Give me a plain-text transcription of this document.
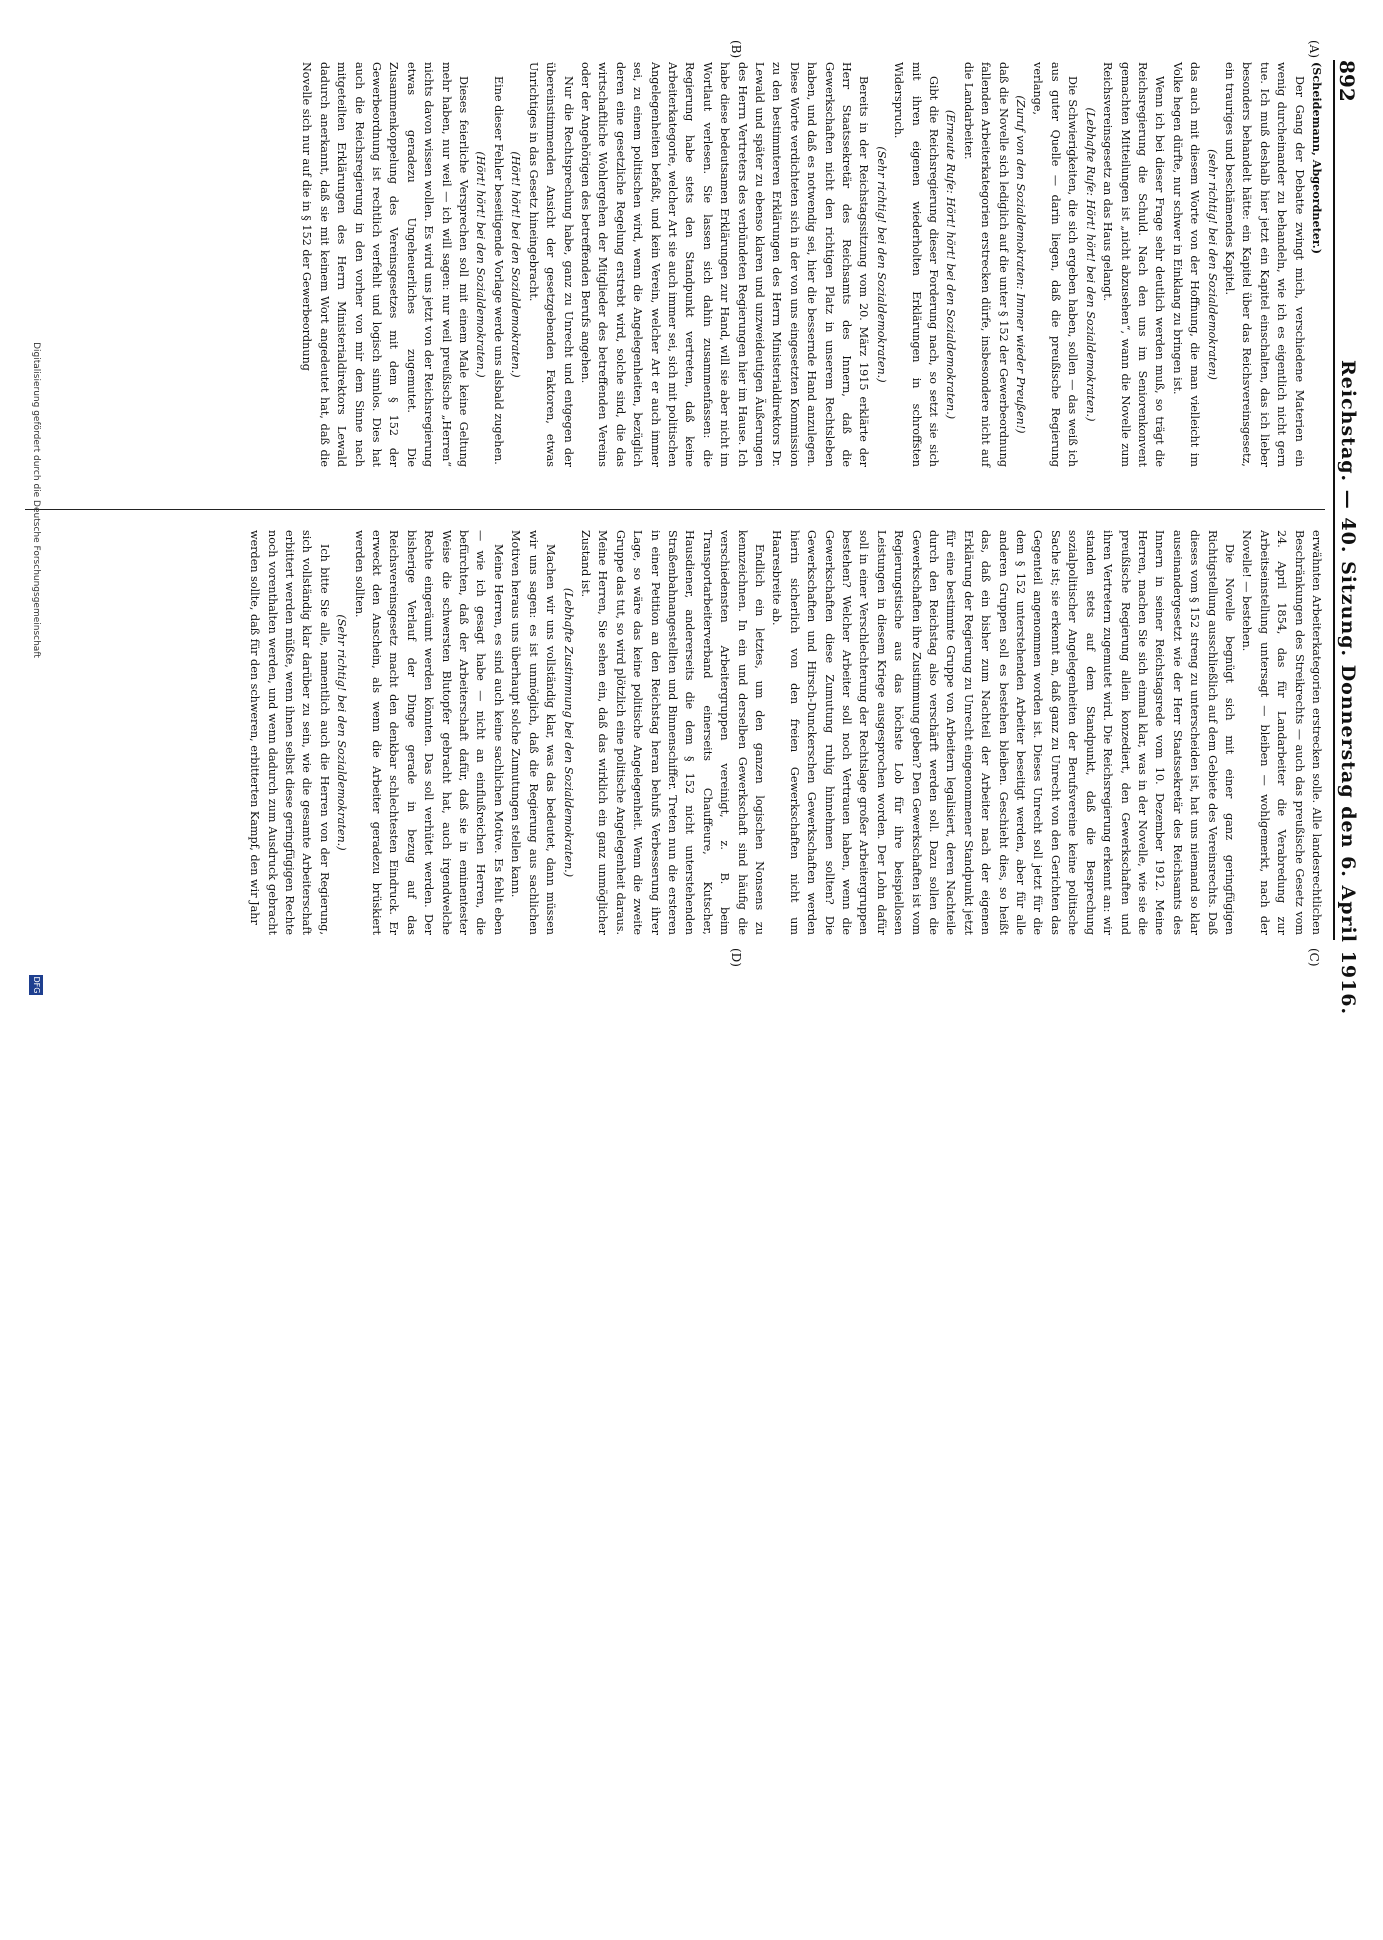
892
Reichstag. — 40. Sitzung. Donnerstag den 6. April 1916.
(A)
(B)
(C)
(D)

(Scheidemann, Abgeordneter.)

Der Gang der Debatte zwingt mich, verschiedene Materien ein wenig durcheinander zu behandeln, wie ich es eigentlich nicht gern tue. Ich muß deshalb hier jetzt ein Kapitel einschalten, das ich lieber besonders behandelt hätte: ein Kapitel über das Reichsvereinsgesetz, ein trauriges und beschämendes Kapitel.

(sehr richtig! bei den Sozialdemokraten)

das auch mit diesem Worte von der Hoffnung, die man vielleicht im Volke hegen dürfte, nur schwer in Einklang zu bringen ist.

Wenn ich bei dieser Frage sehr deutlich werden muß, so trägt die Reichsregierung die Schuld. Nach den uns im Seniorenkonvent gemachten Mitteilungen ist „nicht abzusehen“, wann die Novelle zum Reichsvereinsgesetz an das Haus gelangt.

(Lebhafte Rufe: Hört! hört! bei den Sozialdemokraten.)

Die Schwierigkeiten, die sich ergeben haben, sollen — das weiß ich aus guter Quelle — darin liegen, daß die preußische Regierung verlange,

(Zuruf von den Sozialdemokraten: Immer wieder Preußen!)

daß die Novelle sich lediglich auf die unter § 152 der Gewerbeordnung fallenden Arbeiterkategorien erstrecken dürfe, insbesondere nicht auf die Landarbeiter.

(Erneute Rufe: Hört! hört! bei den Sozialdemokraten.)

Gibt die Reichsregierung dieser Forderung nach, so setzt sie sich mit ihren eigenen wiederholten Erklärungen in schroffsten Widerspruch.

(Sehr richtig! bei den Sozialdemokraten.)

Bereits in der Reichstagssitzung vom 20. März 1915 erklärte der Herr Staatssekretär des Reichsamts des Innern, daß die Gewerkschaften nicht den richtigen Platz in unserem Rechtsleben haben, und daß es notwendig sei, hier die bessernde Hand anzulegen. Diese Worte verdichteten sich in der von uns eingesetzten Kommission zu den bestimmteren Erklärungen des Herrn Ministerialdirektors Dr. Lewald und später zu ebenso klaren und unzweideutigen Äußerungen des Herrn Vertreters des verbündeten Regierungen hier im Hause. Ich habe diese bedeutsamen Erklärungen zur Hand, will sie aber nicht im Wortlaut verlesen. Sie lassen sich dahin zusammenfassen: die Regierung habe stets den Standpunkt vertreten, daß keine Arbeiterkategorie, welcher Art sie auch immer sei, sich mit politischen Angelegenheiten befaßt, und kein Verein, welcher Art er auch immer sei, zu einem politischen wird, wenn die Angelegenheiten, bezüglich deren eine gesetzliche Regelung erstrebt wird, solche sind, die das wirtschaftliche Wohlergehen der Mitglieder des betreffenden Vereins oder der Angehörigen des betreffenden Berufs angehen.

Nur die Rechtsprechung habe, ganz zu Unrecht und entgegen der übereinstimmenden Ansicht der gesetzgebenden Faktoren, etwas Unrichtiges in das Gesetz hineingebracht.

(Hört! hört! bei den Sozialdemokraten.)

Eine dieser Fehler beseitigende Vorlage werde uns alsbald zugehen.

(Hört! hört! bei den Sozialdemokraten.)

Dieses feierliche Versprechen soll mit einem Male keine Geltung mehr haben, nur weil — ich will sagen: nur weil preußische „Herren“ nichts davon wissen wollen. Es wird uns jetzt von der Reichsregierung etwas geradezu Ungeheuerliches zugemutet. Die Zusammenkoppelung des Vereinsgesetzes mit dem § 152 der Gewerbeordnung ist rechtlich verfehlt und logisch sinnlos. Dies hat auch die Reichsregierung in den vorher von mir dem Sinne nach mitgeteilten Erklärungen des Herrn Ministerialdirektors Lewald dadurch anerkannt, daß sie mit keinem Wort angedeutet hat, daß die Novelle sich nur auf die in § 152 der Gewerbeordnung

erwähnten Arbeiterkategorien erstrecken solle. Alle landesrechtlichen Beschränkungen des Streikrechts — auch das preußische Gesetz vom 24. April 1854, das für Landarbeiter die Verabredung zur Arbeitseinstellung untersagt — bleiben — wohlgemerkt, nach der Novelle! — bestehen.

Die Novelle begnügt sich mit einer ganz geringfügigen Richtigstellung ausschließlich auf dem Gebiete des Vereinsrechts. Daß dieses vom § 152 streng zu unterscheiden ist, hat uns niemand so klar auseinandergesetzt wie der Herr Staatssekretär des Reichsamts des Innern in seiner Reichstagsrede vom 10. Dezember 1912. Meine Herren, machen Sie sich einmal klar, was in der Novelle, wie sie die preußische Regierung allein konzediert, den Gewerkschaften und ihren Vertretern zugemutet wird. Die Reichsregierung erkennt an: wir standen stets auf dem Standpunkt, daß die Besprechung sozialpolitischer Angelegenheiten der Berufsvereine keine politische Sache ist; sie erkennt an, daß ganz zu Unrecht von den Gerichten das Gegenteil angenommen worden ist. Dieses Unrecht soll jetzt für die dem § 152 unterstehenden Arbeiter beseitigt werden, aber für alle anderen Gruppen soll es bestehen bleiben. Geschieht dies, so heißt das, daß ein bisher zum Nachteil der Arbeiter nach der eigenen Erklärung der Regierung zu Unrecht eingenommener Standpunkt jetzt für eine bestimmte Gruppe von Arbeitern legalisiert, deren Nachteile durch den Reichstag also verschärft werden soll. Dazu sollen die Gewerkschaften ihre Zustimmung geben? Den Gewerkschaften ist vom Regierungstische aus das höchste Lob für ihre beispiellosen Leistungen in diesem Kriege ausgesprochen worden. Der Lohn dafür soll in einer Verschlechterung der Rechtslage großer Arbeitergruppen bestehen? Welcher Arbeiter soll noch Vertrauen haben, wenn die Gewerkschaften diese Zumutung ruhig hinnehmen sollten? Die Gewerkschaften und Hirsch-Dunckerschen Gewerkschaften werden hierin sicherlich von den freien Gewerkschaften nicht um Haaresbreite ab.

Endlich ein letztes, um den ganzen logischen Nonsens zu kennzeichnen. In ein und derselben Gewerkschaft sind häufig die verschiedensten Arbeitergruppen vereinigt, z. B. beim Transportarbeiterverband einerseits Chauffeure, Kutscher, Hausdiener, andererseits die dem § 152 nicht unterstehenden Straßenbahnangestellten und Binnenschiffer. Treten nun die ersteren in einer Petition an den Reichstag heran behufs Verbesserung ihrer Lage, so wäre das keine politische Angelegenheit. Wenn die zweite Gruppe das tut, so wird plötzlich eine politische Angelegenheit daraus. Meine Herren, Sie sehen ein, daß das wirklich ein ganz unmöglicher Zustand ist.

(Lebhafte Zustimmung bei den Sozialdemokraten.)

Machen wir uns vollständig klar, was das bedeutet, dann müssen wir uns sagen: es ist unmöglich, daß die Regierung aus sachlichen Motiven heraus uns überhaupt solche Zumutungen stellen kann.

Meine Herren, es sind auch keine sachlichen Motive. Es fehlt eben — wie ich gesagt habe — nicht an einflußreichen Herren, die befürchten, daß der Arbeiterschaft dafür, daß sie in eminentester Weise die schwersten Blutopfer gebracht hat, auch irgendwelche Rechte eingeräumt werden könnten. Das soll verhütet werden. Der bisherige Verlauf der Dinge gerade in bezug auf das Reichsvereinsgesetz macht den denkbar schlechtesten Eindruck. Er erweckt den Anschein, als wenn die Arbeiter geradezu brüskiert werden sollten.

(Sehr richtig! bei den Sozialdemokraten.)

Ich bitte Sie alle, namentlich auch die Herren von der Regierung, sich vollständig klar darüber zu sein, wie die gesamte Arbeiterschaft erbittert werden müßte, wenn ihnen selbst diese geringfügigen Rechte noch vorenthalten werden, und wenn dadurch zum Ausdruck gebracht werden sollte, daß für den schweren, erbitterten Kampf, den wir Jahr

Digitalisierung gefördert durch die Deutsche Forschungsgemeinschaft
DFG
